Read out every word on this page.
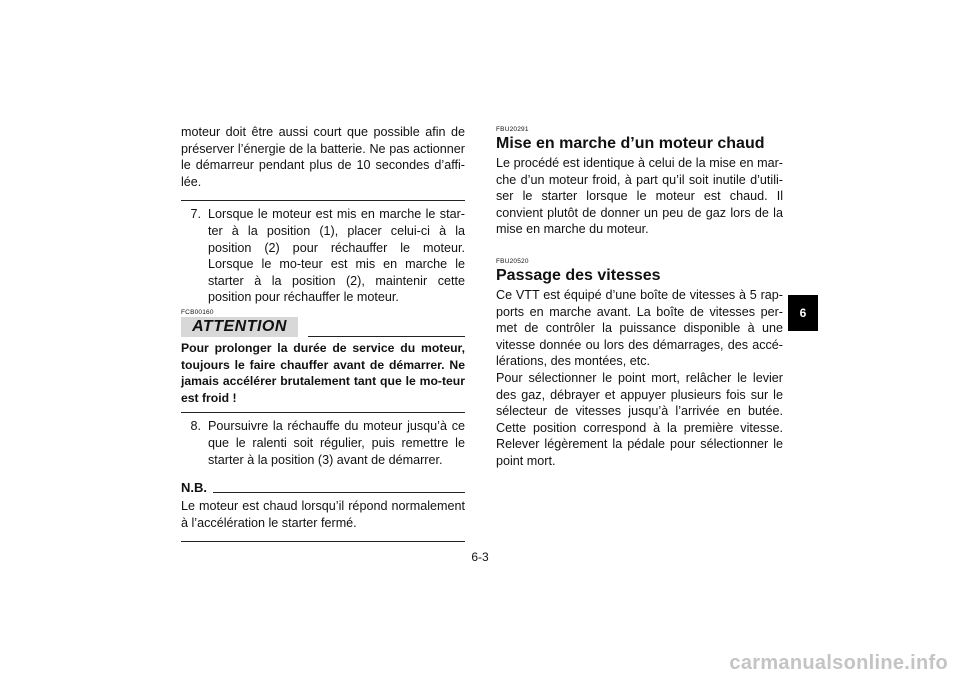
moteur doit être aussi court que possible afin de préserver l’énergie de la batterie. Ne pas actionner le démarreur pendant plus de 10 secondes d’affi-lée.

7. Lorsque le moteur est mis en marche le star-ter à la position (1), placer celui-ci à la position (2) pour réchauffer le moteur. Lorsque le mo-teur est mis en marche le starter à la position (2), maintenir cette position pour réchauffer le moteur.
FCB00160
ATTENTION
Pour prolonger la durée de service du moteur, toujours le faire chauffer avant de démarrer. Ne jamais accélérer brutalement tant que le mo-teur est froid !
8. Poursuivre la réchauffe du moteur jusqu’à ce que le ralenti soit régulier, puis remettre le starter à la position (3) avant de démarrer.
N.B.

Le moteur est chaud lorsqu’il répond normalement à l’accélération le starter fermé.

FBU20291
Mise en marche d’un moteur chaud

Le procédé est identique à celui de la mise en mar-che d’un moteur froid, à part qu’il soit inutile d’utili-ser le starter lorsque le moteur est chaud. Il convient plutôt de donner un peu de gaz lors de la mise en marche du moteur.

FBU20520
Passage des vitesses

Ce VTT est équipé d’une boîte de vitesses à 5 rap-ports en marche avant. La boîte de vitesses per-met de contrôler la puissance disponible à une vitesse donnée ou lors des démarrages, des accé-lérations, des montées, etc.

Pour sélectionner le point mort, relâcher le levier des gaz, débrayer et appuyer plusieurs fois sur le sélecteur de vitesses jusqu’à l’arrivée en butée. Cette position correspond à la première vitesse. Relever légèrement la pédale pour sélectionner le point mort.

6
6-3
carmanualsonline.info
